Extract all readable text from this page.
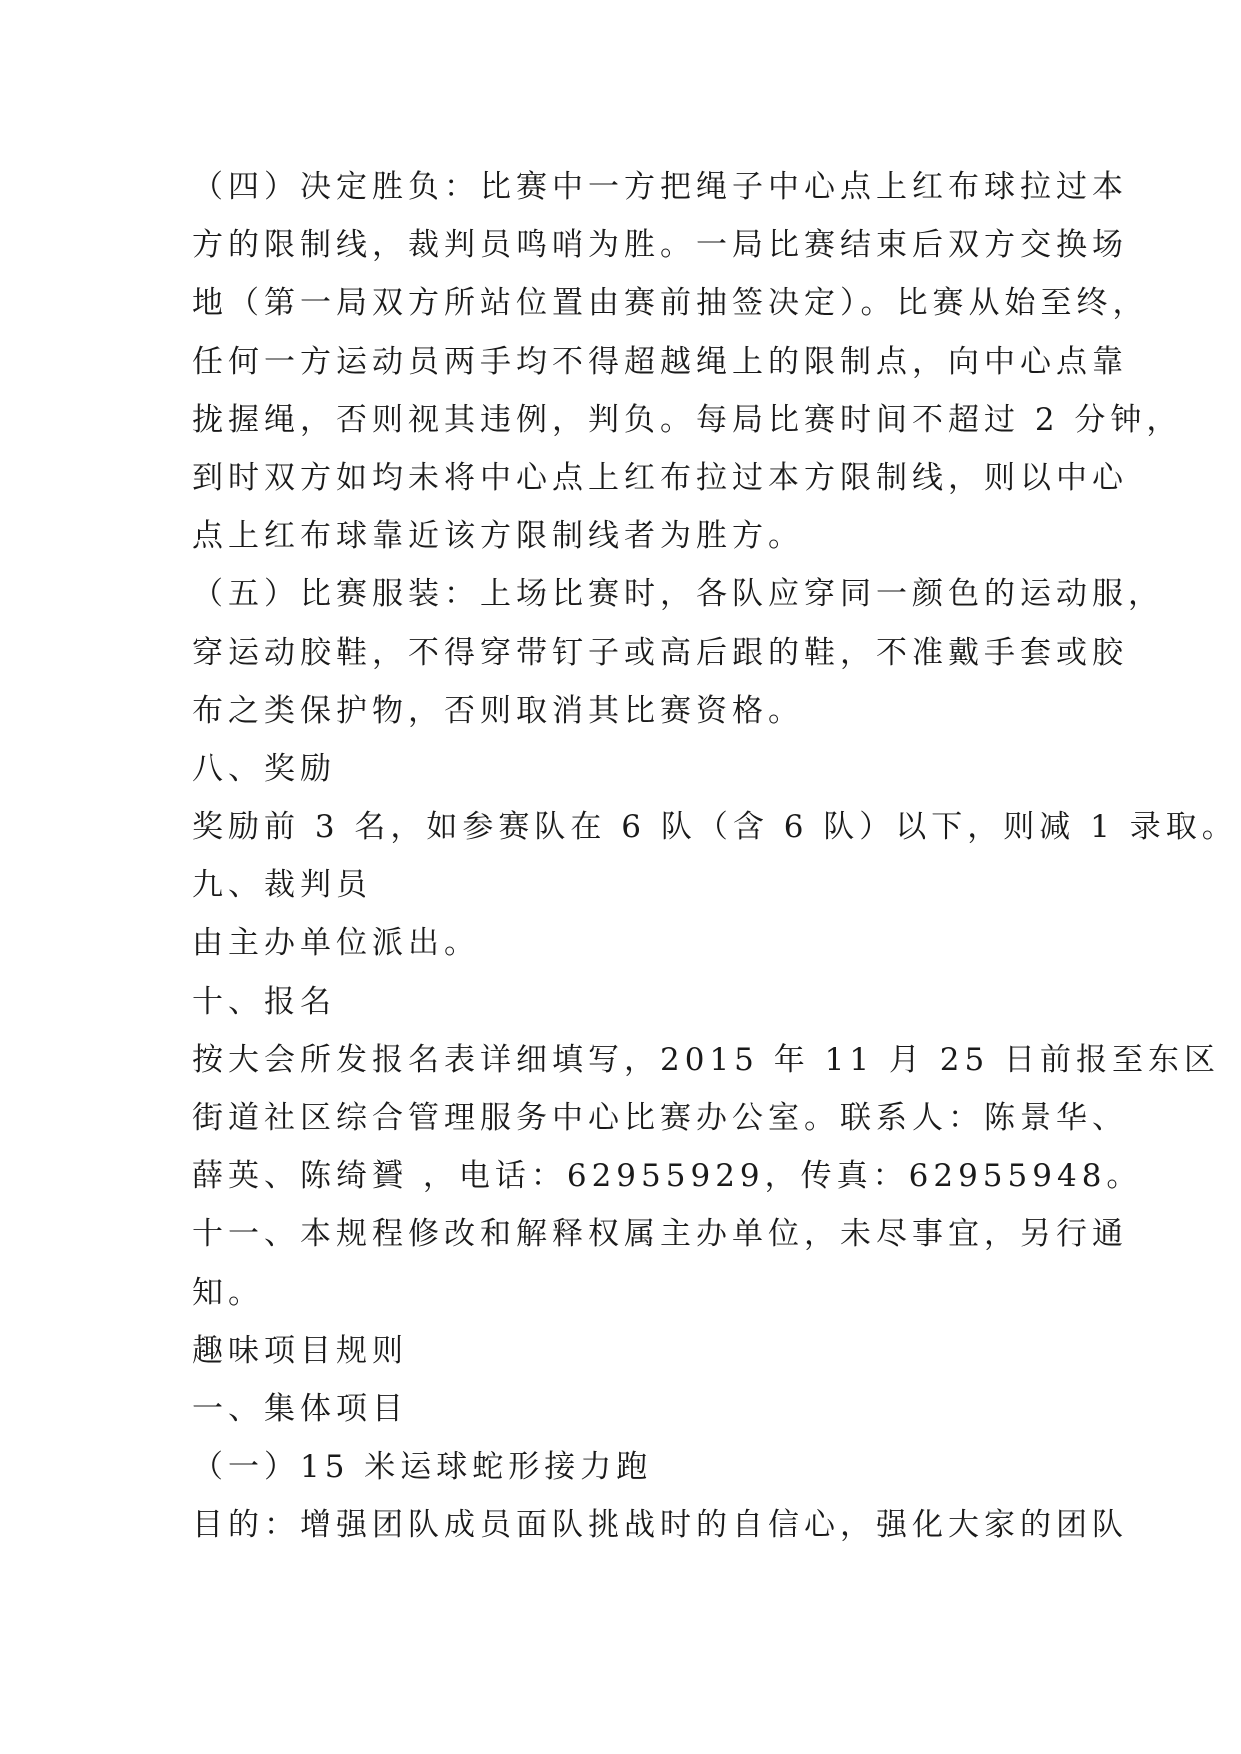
（四）决定胜负：比赛中一方把绳子中心点上红布球拉过本
方的限制线，裁判员鸣哨为胜。一局比赛结束后双方交换场
地（第一局双方所站位置由赛前抽签决定）。比赛从始至终，
任何一方运动员两手均不得超越绳上的限制点，向中心点靠
拢握绳，否则视其违例，判负。每局比赛时间不超过 2 分钟，
到时双方如均未将中心点上红布拉过本方限制线，则以中心
点上红布球靠近该方限制线者为胜方。
（五）比赛服装：上场比赛时，各队应穿同一颜色的运动服，
穿运动胶鞋，不得穿带钉子或高后跟的鞋，不准戴手套或胶
布之类保护物，否则取消其比赛资格。
八、奖励
奖励前 3 名，如参赛队在 6 队（含 6 队）以下，则减 1 录取。
九、裁判员
由主办单位派出。
十、报名
按大会所发报名表详细填写，2015 年 11 月 25 日前报至东区
街道社区综合管理服务中心比赛办公室。联系人：陈景华、
薛英、陈绮贇 ，电话：62955929，传真：62955948。
十一、本规程修改和解释权属主办单位，未尽事宜，另行通
知。
趣味项目规则
一、集体项目
（一）15 米运球蛇形接力跑
目的：增强团队成员面队挑战时的自信心，强化大家的团队
